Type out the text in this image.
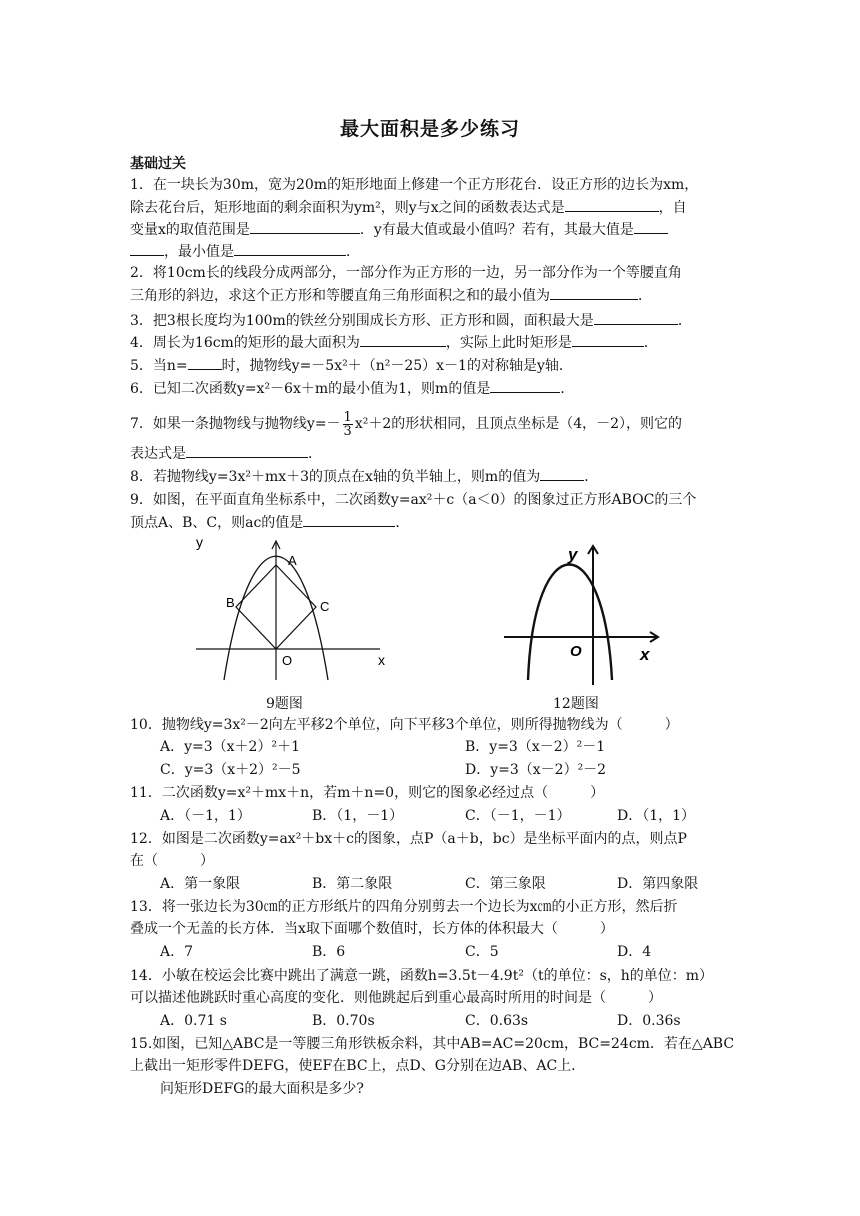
最大面积是多少练习
基础过关
1．在一块长为30m，宽为20m的矩形地面上修建一个正方形花台．设正方形的边长为xm，
除去花台后，矩形地面的剩余面积为ym²，则y与x之间的函数表达式是	，自
变量x的取值范围是	．y有最大值或最小值吗？若有，其最大值是
，最小值是	．
2．将10cm长的线段分成两部分，一部分作为正方形的一边，另一部分作为一个等腰直角
三角形的斜边，求这个正方形和等腰直角三角形面积之和的最小值为	．
3．把3根长度均为100m的铁丝分别围成长方形、正方形和圆，面积最大是	．
4．周长为16cm的矩形的最大面积为	，实际上此时矩形是	．
5．当n= 时，抛物线y=－5x²＋（n²－25）x－1的对称轴是y轴．
6．已知二次函数y=x²－6x＋m的最小值为1，则m的值是	．
7．如果一条抛物线与抛物线$y=- \frac{1}{3} x^2+2$的形状相同，且顶点坐标是（4，－2），则它的
表达式是	．
8．若抛物线y=3x²＋mx＋3的顶点在x轴的负半轴上，则m的值为	．
9．如图，在平面直角坐标系中，二次函数y=ax²＋c（a＜0）的图象过正方形ABOC的三个
顶点A、B、C，则ac的值是	．
y
A
B	C
O	x
9题图
y
O	x
12题图
10．抛物线y=3x²－2向左平移2个单位，向下平移3个单位，则所得抛物线为（　　　）
A．y=3（x＋2）²＋1	B．y=3（x－2）²－1
C．y=3（x＋2）²－5	D．y=3（x－2）²－2
11．二次函数y=x²＋mx＋n，若m＋n=0，则它的图象必经过点（　　　）
A．（－1，1）	B．（1，－1）	C．（－1，－1）	D．（1，1）
12．如图是二次函数y=ax²＋bx＋c的图象，点P（a＋b，bc）是坐标平面内的点，则点P
在（　　　）
A．第一象限	B．第二象限	C．第三象限	D．第四象限
13．将一张边长为30㎝的正方形纸片的四角分别剪去一个边长为x㎝的小正方形，然后折
叠成一个无盖的长方体．当x取下面哪个数值时，长方体的体积最大（　　　）
A．7	B．6	C．5	D．4
14．小敏在校运会比赛中跳出了满意一跳，函数h=3.5t－4.9t²（t的单位：s，h的单位：m）
可以描述他跳跃时重心高度的变化．则他跳起后到重心最高时所用的时间是（　　　）
A．0.71 s	B．0.70s	C．0.63s	D．0.36s
15.如图，已知△ABC是一等腰三角形铁板余料，其中AB=AC=20cm，BC=24cm．若在△ABC
上截出一矩形零件DEFG，使EF在BC上，点D、G分别在边AB、AC上．
问矩形DEFG的最大面积是多少?
